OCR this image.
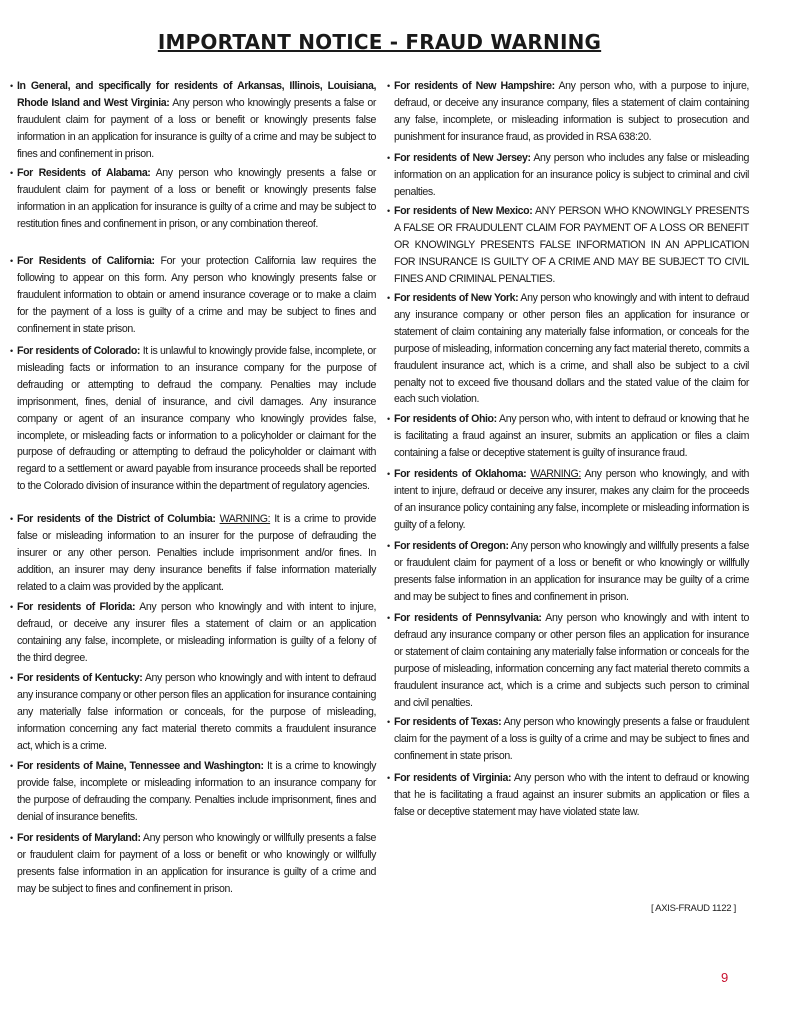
IMPORTANT NOTICE - FRAUD WARNING
• In General, and specifically for residents of Arkansas, Illinois, Louisiana, Rhode Island and West Virginia: Any person who knowingly presents a false or fraudulent claim for payment of a loss or benefit or knowingly presents false information in an application for insurance is guilty of a crime and may be subject to fines and confinement in prison.
• For Residents of Alabama: Any person who knowingly presents a false or fraudulent claim for payment of a loss or benefit or knowingly presents false information in an application for insurance is guilty of a crime and may be subject to restitution fines and confinement in prison, or any combination thereof.
• For Residents of California: For your protection California law requires the following to appear on this form. Any person who knowingly presents false or fraudulent information to obtain or amend insurance coverage or to make a claim for the payment of a loss is guilty of a crime and may be subject to fines and confinement in state prison.
• For residents of Colorado: It is unlawful to knowingly provide false, incomplete, or misleading facts or information to an insurance company for the purpose of defrauding or attempting to defraud the company. Penalties may include imprisonment, fines, denial of insurance, and civil damages. Any insurance company or agent of an insurance company who knowingly provides false, incomplete, or misleading facts or information to a policyholder or claimant for the purpose of defrauding or attempting to defraud the policyholder or claimant with regard to a settlement or award payable from insurance proceeds shall be reported to the Colorado division of insurance within the department of regulatory agencies.
• For residents of the District of Columbia: WARNING: It is a crime to provide false or misleading information to an insurer for the purpose of defrauding the insurer or any other person. Penalties include imprisonment and/or fines. In addition, an insurer may deny insurance benefits if false information materially related to a claim was provided by the applicant.
• For residents of Florida: Any person who knowingly and with intent to injure, defraud, or deceive any insurer files a statement of claim or an application containing any false, incomplete, or misleading information is guilty of a felony of the third degree.
• For residents of Kentucky: Any person who knowingly and with intent to defraud any insurance company or other person files an application for insurance containing any materially false information or conceals, for the purpose of misleading, information concerning any fact material thereto commits a fraudulent insurance act, which is a crime.
• For residents of Maine, Tennessee and Washington: It is a crime to knowingly provide false, incomplete or misleading information to an insurance company for the purpose of defrauding the company. Penalties include imprisonment, fines and denial of insurance benefits.
• For residents of Maryland: Any person who knowingly or willfully presents a false or fraudulent claim for payment of a loss or benefit or who knowingly or willfully presents false information in an application for insurance is guilty of a crime and may be subject to fines and confinement in prison.
• For residents of New Hampshire: Any person who, with a purpose to injure, defraud, or deceive any insurance company, files a statement of claim containing any false, incomplete, or misleading information is subject to prosecution and punishment for insurance fraud, as provided in RSA 638:20.
• For residents of New Jersey: Any person who includes any false or misleading information on an application for an insurance policy is subject to criminal and civil penalties.
• For residents of New Mexico: ANY PERSON WHO KNOWINGLY PRESENTS A FALSE OR FRAUDULENT CLAIM FOR PAYMENT OF A LOSS OR BENEFIT OR KNOWINGLY PRESENTS FALSE INFORMATION IN AN APPLICATION FOR INSURANCE IS GUILTY OF A CRIME AND MAY BE SUBJECT TO CIVIL FINES AND CRIMINAL PENALTIES.
• For residents of New York: Any person who knowingly and with intent to defraud any insurance company or other person files an application for insurance or statement of claim containing any materially false information, or conceals for the purpose of misleading, information concerning any fact material thereto, commits a fraudulent insurance act, which is a crime, and shall also be subject to a civil penalty not to exceed five thousand dollars and the stated value of the claim for each such violation.
• For residents of Ohio: Any person who, with intent to defraud or knowing that he is facilitating a fraud against an insurer, submits an application or files a claim containing a false or deceptive statement is guilty of insurance fraud.
• For residents of Oklahoma: WARNING: Any person who knowingly, and with intent to injure, defraud or deceive any insurer, makes any claim for the proceeds of an insurance policy containing any false, incomplete or misleading information is guilty of a felony.
• For residents of Oregon: Any person who knowingly and willfully presents a false or fraudulent claim for payment of a loss or benefit or who knowingly or willfully presents false information in an application for insurance may be guilty of a crime and may be subject to fines and confinement in prison.
• For residents of Pennsylvania: Any person who knowingly and with intent to defraud any insurance company or other person files an application for insurance or statement of claim containing any materially false information or conceals for the purpose of misleading, information concerning any fact material thereto commits a fraudulent insurance act, which is a crime and subjects such person to criminal and civil penalties.
• For residents of Texas: Any person who knowingly presents a false or fraudulent claim for the payment of a loss is guilty of a crime and may be subject to fines and confinement in state prison.
• For residents of Virginia: Any person who with the intent to defraud or knowing that he is facilitating a fraud against an insurer submits an application or files a false or deceptive statement may have violated state law.
[ AXIS-FRAUD 1122 ]
9
